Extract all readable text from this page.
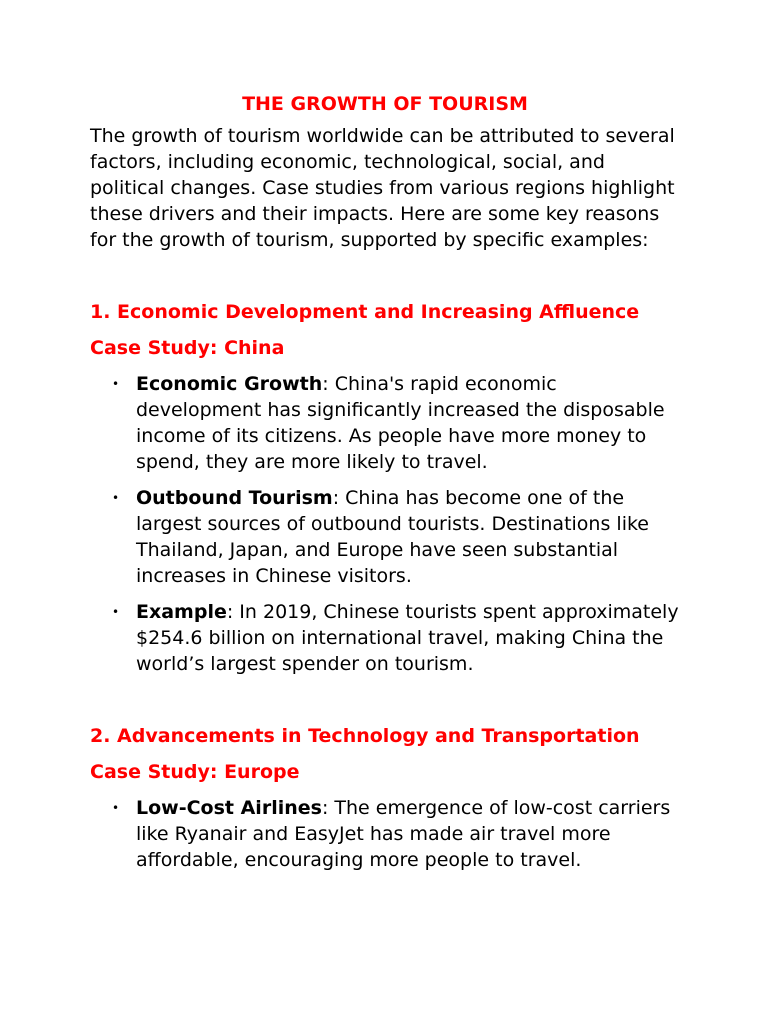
THE GROWTH OF TOURISM

The growth of tourism worldwide can be attributed to several factors, including economic, technological, social, and political changes. Case studies from various regions highlight these drivers and their impacts. Here are some key reasons for the growth of tourism, supported by specific examples:

1. Economic Development and Increasing Affluence
Case Study: China
• Economic Growth: China's rapid economic development has significantly increased the disposable income of its citizens. As people have more money to spend, they are more likely to travel.
• Outbound Tourism: China has become one of the largest sources of outbound tourists. Destinations like Thailand, Japan, and Europe have seen substantial increases in Chinese visitors.
• Example: In 2019, Chinese tourists spent approximately $254.6 billion on international travel, making China the world’s largest spender on tourism.
2. Advancements in Technology and Transportation
Case Study: Europe
• Low-Cost Airlines: The emergence of low-cost carriers like Ryanair and EasyJet has made air travel more affordable, encouraging more people to travel.
